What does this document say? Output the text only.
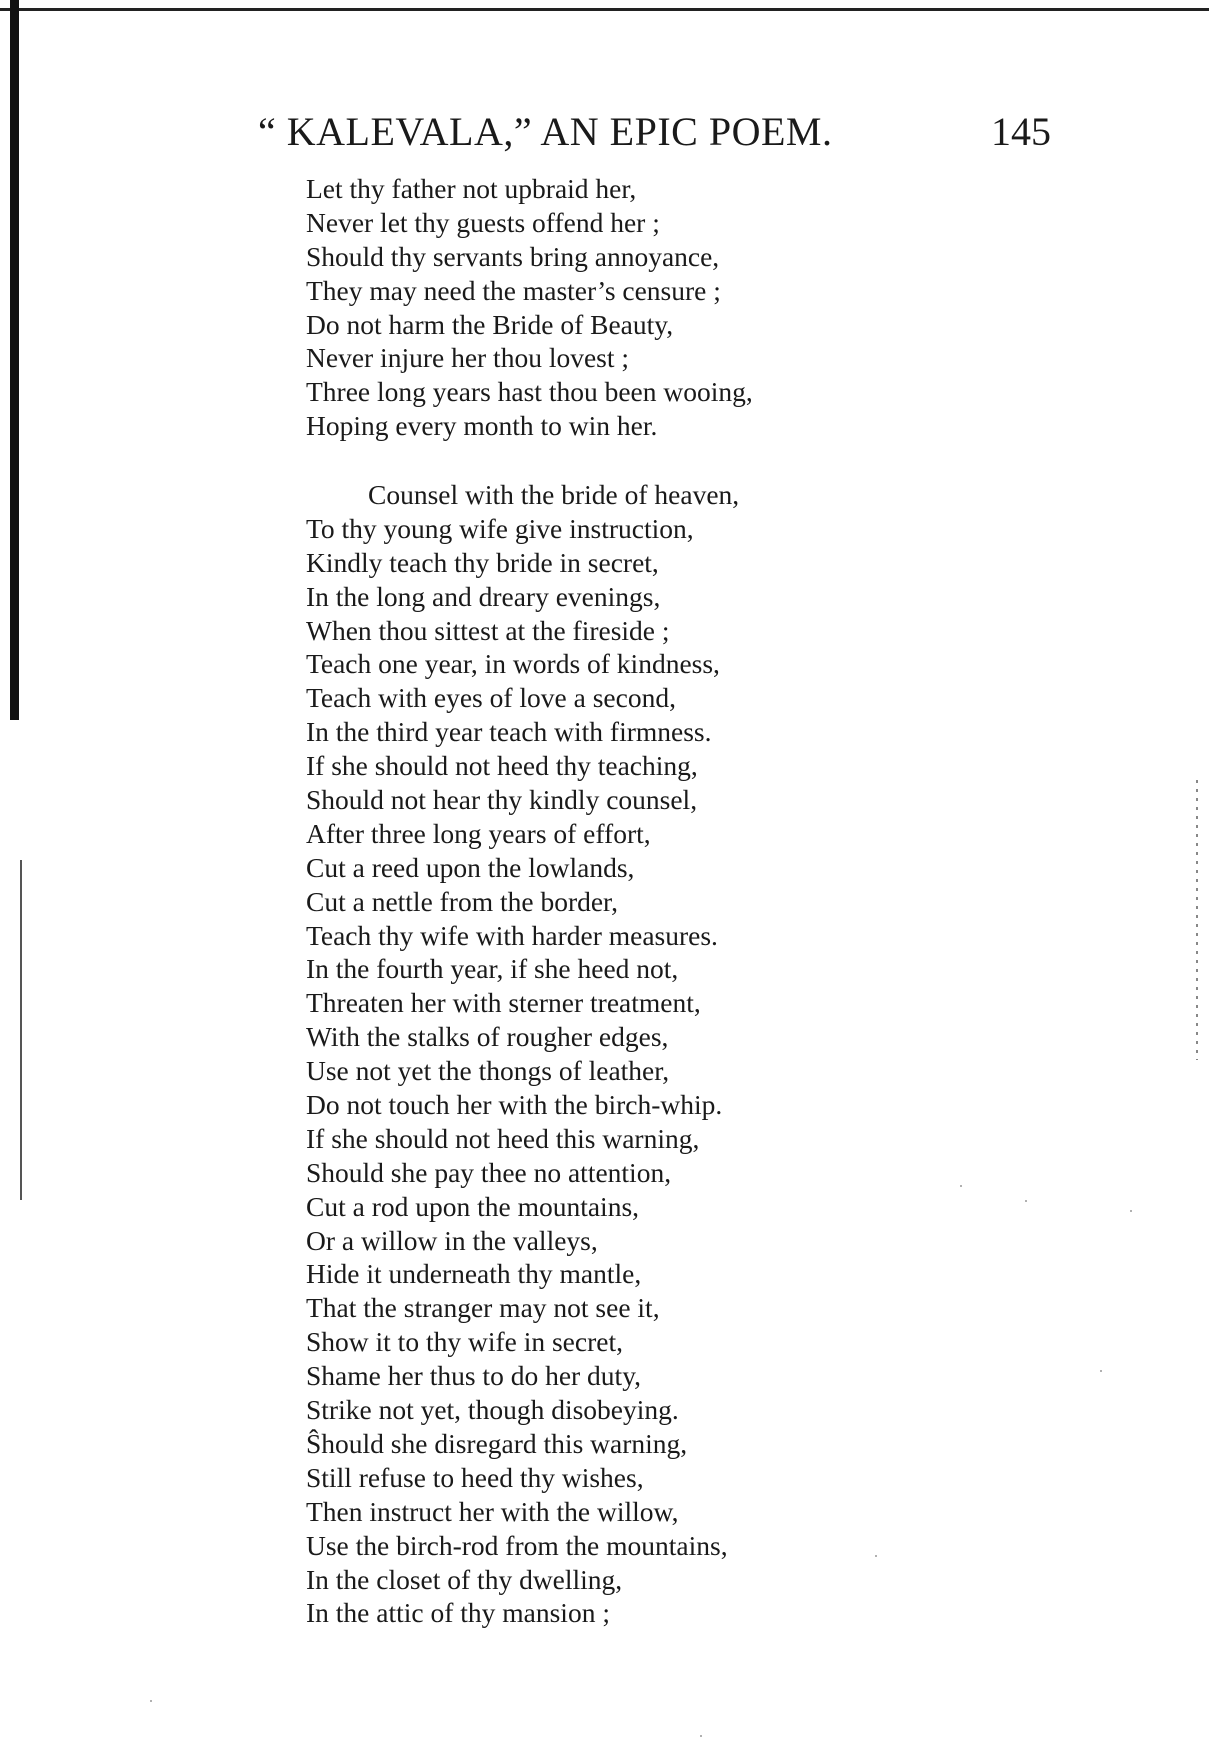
“ KALEVALA,” AN EPIC POEM.	145
Let thy father not upbraid her,
Never let thy guests offend her ;
Should thy servants bring annoyance,
They may need the master’s censure ;
Do not harm the Bride of Beauty,
Never injure her thou lovest ;
Three long years hast thou been wooing,
Hoping every month to win her.
Counsel with the bride of heaven,
To thy young wife give instruction,
Kindly teach thy bride in secret,
In the long and dreary evenings,
When thou sittest at the fireside ;
Teach one year, in words of kindness,
Teach with eyes of love a second,
In the third year teach with firmness.
If she should not heed thy teaching,
Should not hear thy kindly counsel,
After three long years of effort,
Cut a reed upon the lowlands,
Cut a nettle from the border,
Teach thy wife with harder measures.
In the fourth year, if she heed not,
Threaten her with sterner treatment,
With the stalks of rougher edges,
Use not yet the thongs of leather,
Do not touch her with the birch-whip.
If she should not heed this warning,
Should she pay thee no attention,
Cut a rod upon the mountains,
Or a willow in the valleys,
Hide it underneath thy mantle,
That the stranger may not see it,
Show it to thy wife in secret,
Shame her thus to do her duty,
Strike not yet, though disobeying.
Ŝhould she disregard this warning,
Still refuse to heed thy wishes,
Then instruct her with the willow,
Use the birch-rod from the mountains,
In the closet of thy dwelling,
In the attic of thy mansion ;
